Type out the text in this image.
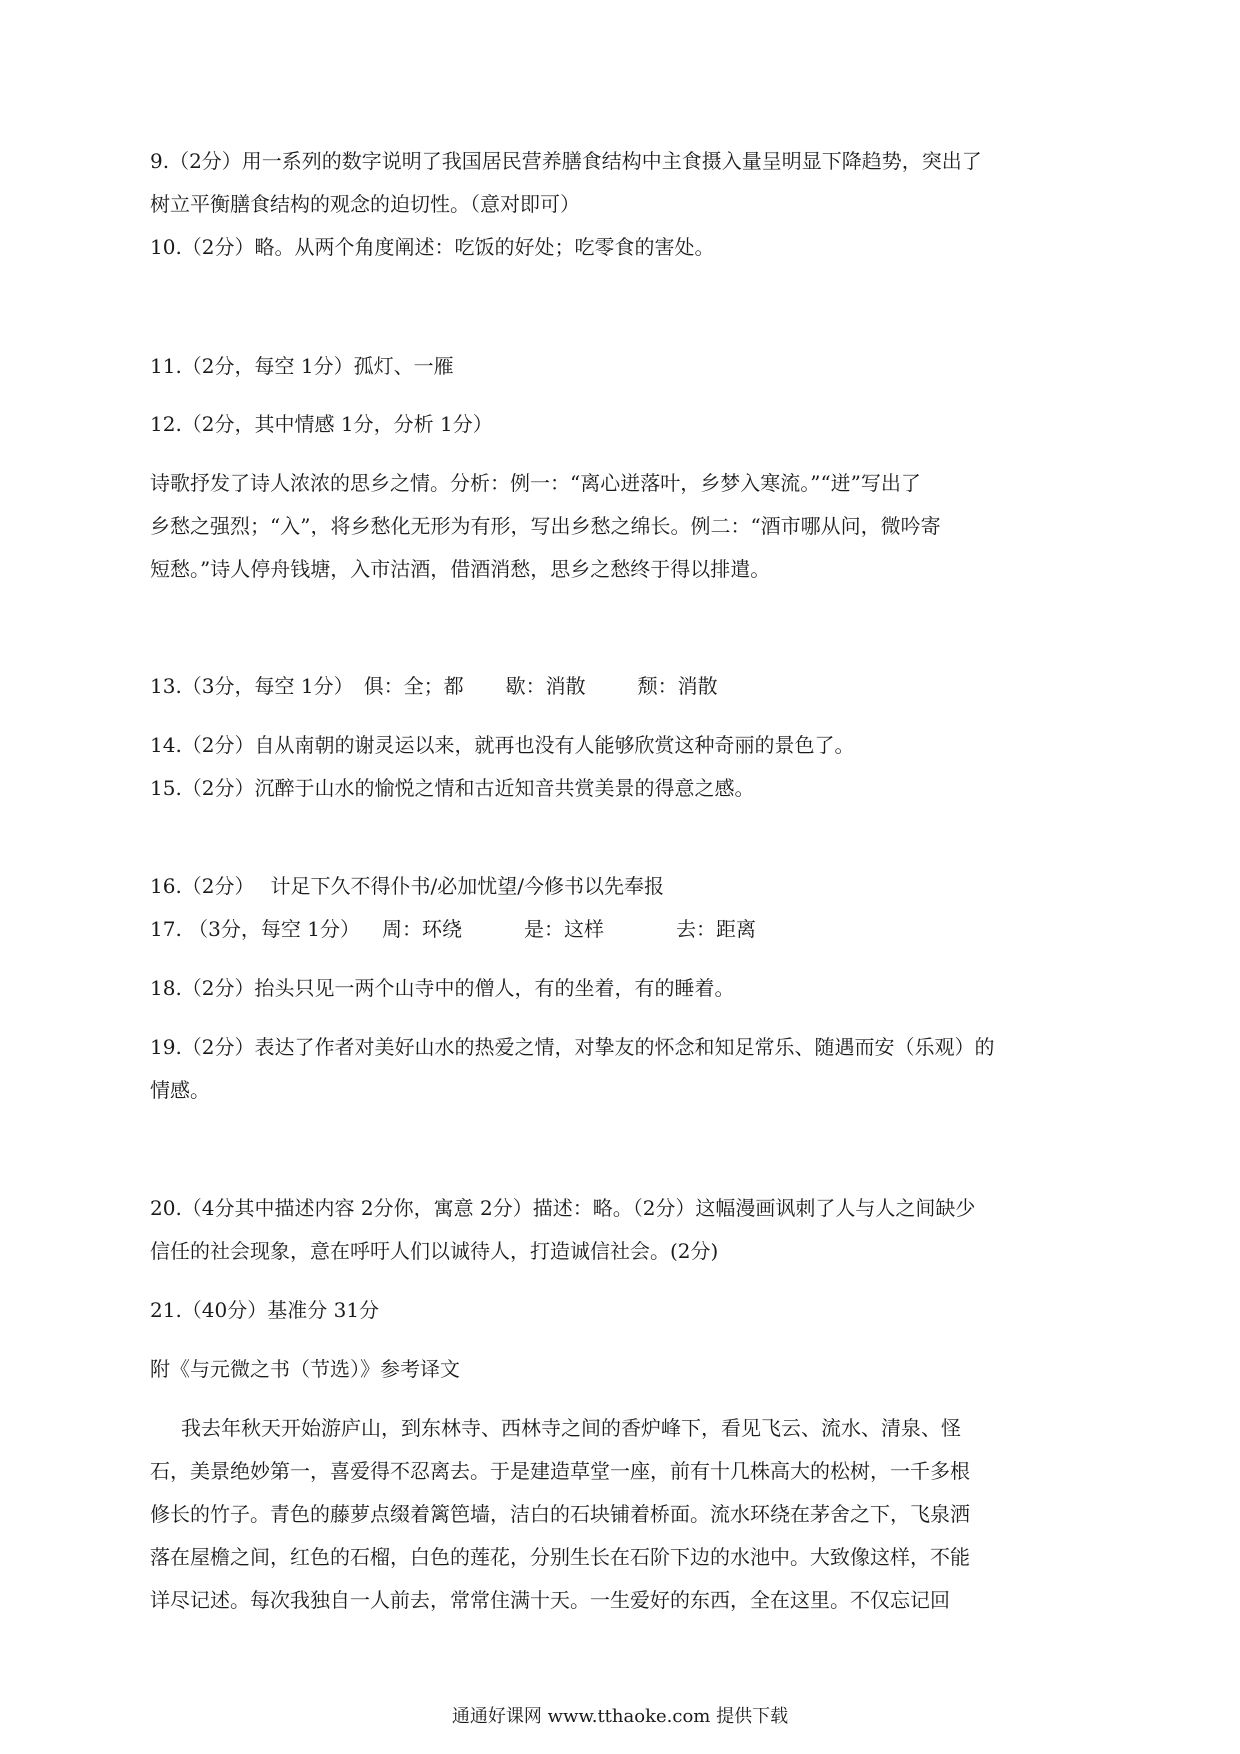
9.（2分）用一系列的数字说明了我国居民营养膳食结构中主食摄入量呈明显下降趋势，突出了
树立平衡膳食结构的观念的迫切性。（意对即可）
10.（2分）略。从两个角度阐述：吃饭的好处；吃零食的害处。
11.（2分，每空 1分）孤灯、一雁
12.（2分，其中情感 1分，分析 1分）
诗歌抒发了诗人浓浓的思乡之情。分析：例一：“离心迸落叶，乡梦入寒流。”“迸”写出了
乡愁之强烈；“入”，将乡愁化无形为有形，写出乡愁之绵长。例二：“酒市哪从问，微吟寄
短愁。”诗人停舟钱塘，入市沽酒，借酒消愁，思乡之愁终于得以排遣。
13.（3分，每空 1分） 俱：全；都 歇：消散	颓：消散
14.（2分）自从南朝的谢灵运以来，就再也没有人能够欣赏这种奇丽的景色了。
15.（2分）沉醉于山水的愉悦之情和古近知音共赏美景的得意之感。
16.（2分） 计足下久不得仆书/必加忧望/今修书以先奉报
17. （3分，每空 1分） 周：环绕	是：这样	去：距离
18.（2分）抬头只见一两个山寺中的僧人，有的坐着，有的睡着。
19.（2分）表达了作者对美好山水的热爱之情，对挚友的怀念和知足常乐、随遇而安（乐观）的
情感。
20.（4分其中描述内容 2分你，寓意 2分）描述：略。（2分）这幅漫画讽刺了人与人之间缺少
信任的社会现象，意在呼吁人们以诚待人，打造诚信社会。(2分)
21.（40分）基准分 31分
附《与元微之书（节选）》参考译文
我去年秋天开始游庐山，到东林寺、西林寺之间的香炉峰下，看见飞云、流水、清泉、怪
石，美景绝妙第一，喜爱得不忍离去。于是建造草堂一座，前有十几株高大的松树，一千多根
修长的竹子。青色的藤萝点缀着篱笆墙，洁白的石块铺着桥面。流水环绕在茅舍之下，飞泉洒
落在屋檐之间，红色的石榴，白色的莲花，分别生长在石阶下边的水池中。大致像这样，不能
详尽记述。每次我独自一人前去，常常住满十天。一生爱好的东西，全在这里。不仅忘记回
通通好课网 www.tthaoke.com 提供下载
